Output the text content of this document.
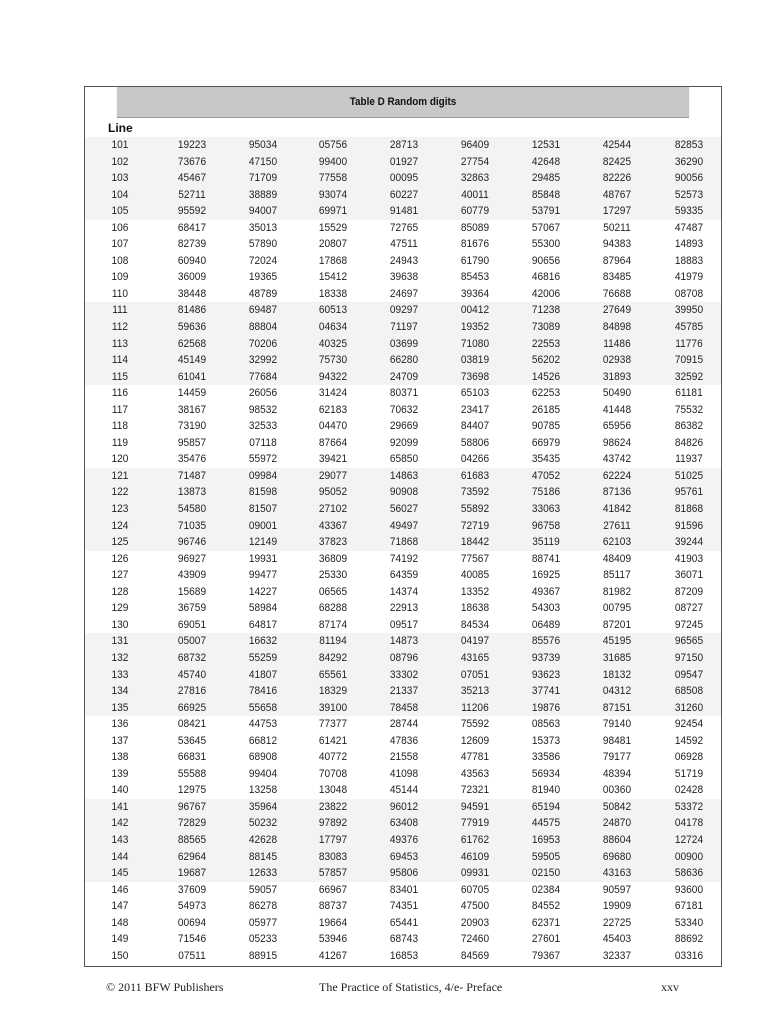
Table D Random digits
Line
101	19223	95034	05756	28713	96409	12531	42544	82853
102	73676	47150	99400	01927	27754	42648	82425	36290
103	45467	71709	77558	00095	32863	29485	82226	90056
104	52711	38889	93074	60227	40011	85848	48767	52573
105	95592	94007	69971	91481	60779	53791	17297	59335
106	68417	35013	15529	72765	85089	57067	50211	47487
107	82739	57890	20807	47511	81676	55300	94383	14893
108	60940	72024	17868	24943	61790	90656	87964	18883
109	36009	19365	15412	39638	85453	46816	83485	41979
110	38448	48789	18338	24697	39364	42006	76688	08708
111	81486	69487	60513	09297	00412	71238	27649	39950
112	59636	88804	04634	71197	19352	73089	84898	45785
113	62568	70206	40325	03699	71080	22553	11486	11776
114	45149	32992	75730	66280	03819	56202	02938	70915
115	61041	77684	94322	24709	73698	14526	31893	32592
116	14459	26056	31424	80371	65103	62253	50490	61181
117	38167	98532	62183	70632	23417	26185	41448	75532
118	73190	32533	04470	29669	84407	90785	65956	86382
119	95857	07118	87664	92099	58806	66979	98624	84826
120	35476	55972	39421	65850	04266	35435	43742	11937
121	71487	09984	29077	14863	61683	47052	62224	51025
122	13873	81598	95052	90908	73592	75186	87136	95761
123	54580	81507	27102	56027	55892	33063	41842	81868
124	71035	09001	43367	49497	72719	96758	27611	91596
125	96746	12149	37823	71868	18442	35119	62103	39244
126	96927	19931	36809	74192	77567	88741	48409	41903
127	43909	99477	25330	64359	40085	16925	85117	36071
128	15689	14227	06565	14374	13352	49367	81982	87209
129	36759	58984	68288	22913	18638	54303	00795	08727
130	69051	64817	87174	09517	84534	06489	87201	97245
131	05007	16632	81194	14873	04197	85576	45195	96565
132	68732	55259	84292	08796	43165	93739	31685	97150
133	45740	41807	65561	33302	07051	93623	18132	09547
134	27816	78416	18329	21337	35213	37741	04312	68508
135	66925	55658	39100	78458	11206	19876	87151	31260
136	08421	44753	77377	28744	75592	08563	79140	92454
137	53645	66812	61421	47836	12609	15373	98481	14592
138	66831	68908	40772	21558	47781	33586	79177	06928
139	55588	99404	70708	41098	43563	56934	48394	51719
140	12975	13258	13048	45144	72321	81940	00360	02428
141	96767	35964	23822	96012	94591	65194	50842	53372
142	72829	50232	97892	63408	77919	44575	24870	04178
143	88565	42628	17797	49376	61762	16953	88604	12724
144	62964	88145	83083	69453	46109	59505	69680	00900
145	19687	12633	57857	95806	09931	02150	43163	58636
146	37609	59057	66967	83401	60705	02384	90597	93600
147	54973	86278	88737	74351	47500	84552	19909	67181
148	00694	05977	19664	65441	20903	62371	22725	53340
149	71546	05233	53946	68743	72460	27601	45403	88692
150	07511	88915	41267	16853	84569	79367	32337	03316
© 2011 BFW Publishers	The Practice of Statistics, 4/e- Preface	xxv
